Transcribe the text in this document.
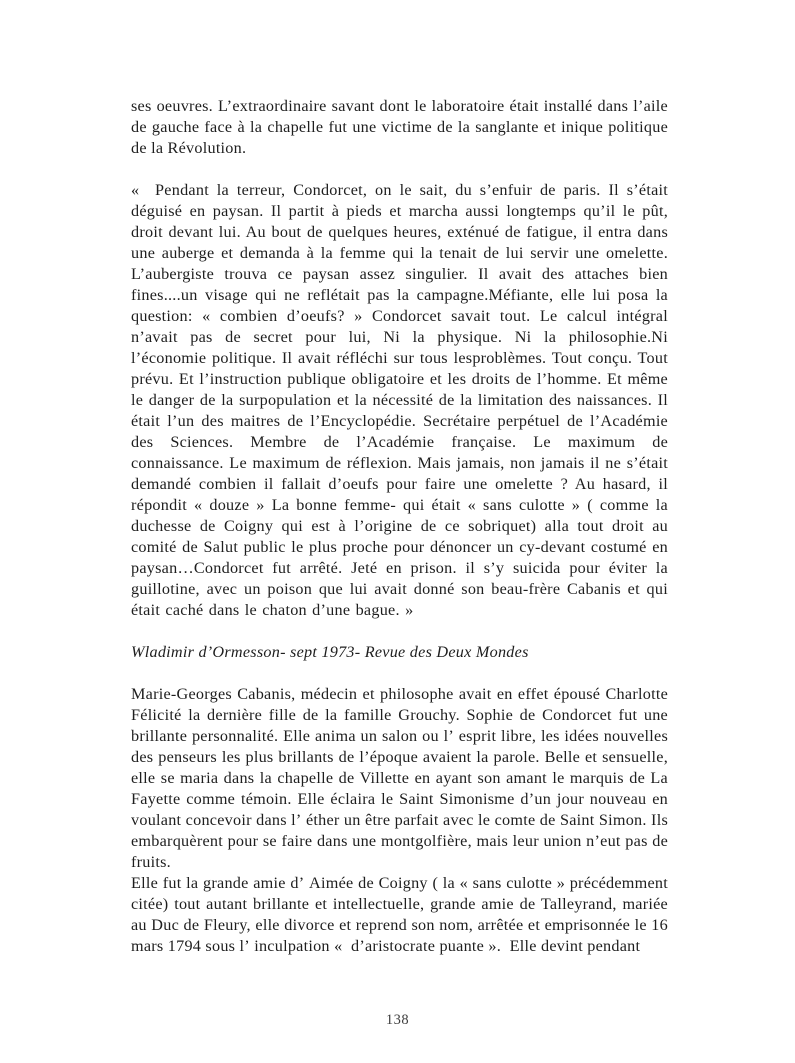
ses oeuvres. L’extraordinaire savant dont le laboratoire était installé dans l’aile de gauche face à la chapelle fut une victime de la sanglante et inique politique de la Révolution.

«  Pendant la terreur, Condorcet, on le sait, du s’enfuir de paris. Il s’était déguisé en paysan. Il partit à pieds et marcha aussi longtemps qu’il le pût, droit devant lui. Au bout de quelques heures, exténué de fatigue, il entra dans une auberge et demanda à la femme qui la tenait de lui servir une omelette. L’aubergiste trouva ce paysan assez singulier. Il avait des attaches bien fines....un visage qui ne reflétait pas la campagne.Méfiante, elle lui posa la question: « combien d’oeufs? » Condorcet savait tout. Le calcul intégral n’avait pas de secret pour lui, Ni la physique. Ni la philosophie.Ni l’économie politique. Il avait réfléchi sur tous lesproblèmes. Tout conçu. Tout prévu. Et l’instruction publique obligatoire et les droits de l’homme. Et même le danger de la surpopulation et la nécessité de la limitation des naissances. Il était l’un des maitres de l’Encyclopédie. Secrétaire perpétuel de l’Académie des Sciences. Membre de l’Académie française. Le maximum de connaissance. Le maximum de réflexion. Mais jamais, non jamais il ne s’était demandé combien il fallait d’oeufs pour faire une omelette ? Au hasard, il répondit « douze » La bonne femme- qui était « sans culotte » ( comme la duchesse de Coigny qui est à l’origine de ce sobriquet) alla tout droit au comité de Salut public le plus proche pour dénoncer un cy-devant costumé en paysan…Condorcet fut arrêté. Jeté en prison. il s’y suicida pour éviter la guillotine, avec un poison que lui avait donné son beau-frère Cabanis et qui était caché dans le chaton d’une bague. »

Wladimir d’Ormesson- sept 1973- Revue des Deux Mondes

Marie-Georges Cabanis, médecin et philosophe avait en effet épousé Charlotte Félicité la dernière fille de la famille Grouchy. Sophie de Condorcet fut une brillante personnalité. Elle anima un salon ou l’ esprit libre, les idées nouvelles des penseurs les plus brillants de l’époque avaient la parole. Belle et sensuelle, elle se maria dans la chapelle de Villette en ayant son amant le marquis de La Fayette comme témoin. Elle éclaira le Saint Simonisme d’un jour nouveau en voulant concevoir dans l’ éther un être parfait avec le comte de Saint Simon. Ils embarquèrent pour se faire dans une montgolfière, mais leur union n’eut pas de fruits.

Elle fut la grande amie d’ Aimée de Coigny ( la « sans culotte » précédemment citée) tout autant brillante et intellectuelle, grande amie de Talleyrand, mariée au Duc de Fleury, elle divorce et reprend son nom, arrêtée et emprisonnée le 16 mars 1794 sous l’ inculpation «  d’aristocrate puante ».  Elle devint pendant

138
